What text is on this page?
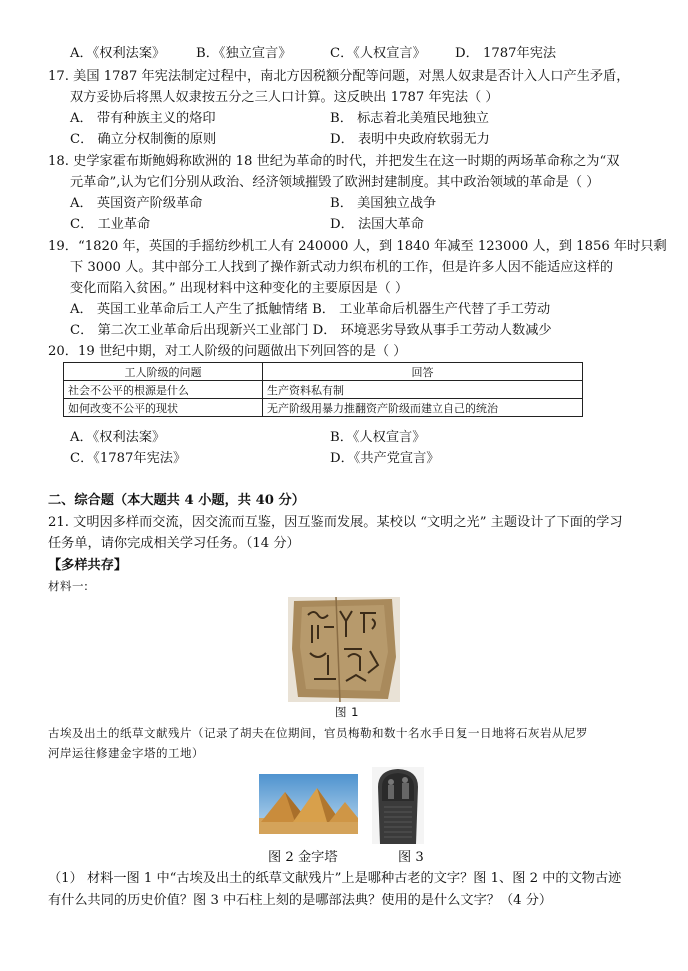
A．《权利法案》 B．《独立宣言》	C．《人权宣言》 D． 1787年宪法
17. 美国 1787 年宪法制定过程中，南北方因税额分配等问题，对黑人奴隶是否计入人口产生矛盾，
双方妥协后将黑人奴隶按五分之三人口计算。这反映出 1787 年宪法（ ）
A． 带有种族主义的烙印	B． 标志着北美殖民地独立
C． 确立分权制衡的原则	D． 表明中央政府软弱无力
18. 史学家霍布斯鲍姆称欧洲的 18 世纪为革命的时代，并把发生在这一时期的两场革命称之为“双
元革命”,认为它们分别从政治、经济领域摧毁了欧洲封建制度。其中政治领域的革命是（ ）
A． 英国资产阶级革命	B． 美国独立战争
C． 工业革命	D． 法国大革命
19．“1820 年，英国的手摇纺纱机工人有 240000 人，到 1840 年减至 123000 人，到 1856 年时只剩
下 3000 人。其中部分工人找到了操作新式动力织布机的工作，但是许多人因不能适应这样的
变化而陷入贫困。” 出现材料中这种变化的主要原因是（ ）
A． 英国工业革命后工人产生了抵触情绪 B． 工业革命后机器生产代替了手工劳动
C． 第二次工业革命后出现新兴工业部门 D． 环境恶劣导致从事手工劳动人数减少
20．19 世纪中期，对工人阶级的问题做出下列回答的是（ ）
工人阶级的问题	回答
社会不公平的根源是什么	生产资料私有制
如何改变不公平的现状	无产阶级用暴力推翻资产阶级而建立自己的统治
A．《权利法案》	B．《人权宣言》
C．《1787年宪法》	D．《共产党宣言》
二、综合题（本大题共 4 小题，共 40 分）
21. 文明因多样而交流，因交流而互鉴，因互鉴而发展。某校以 “文明之光” 主题设计了下面的学习
任务单，请你完成相关学习任务。（14 分）
【多样共存】
材料一:
图 1
古埃及出土的纸草文献残片（记录了胡夫在位期间，官员梅勒和数十名水手日复一日地将石灰岩从尼罗
河岸运往修建金字塔的工地）
图 2 金字塔	图 3
（1） 材料一图 1 中“古埃及出土的纸草文献残片”上是哪种古老的文字？图 1、图 2 中的文物古迹
有什么共同的历史价值？图 3 中石柱上刻的是哪部法典？使用的是什么文字？（4 分）
